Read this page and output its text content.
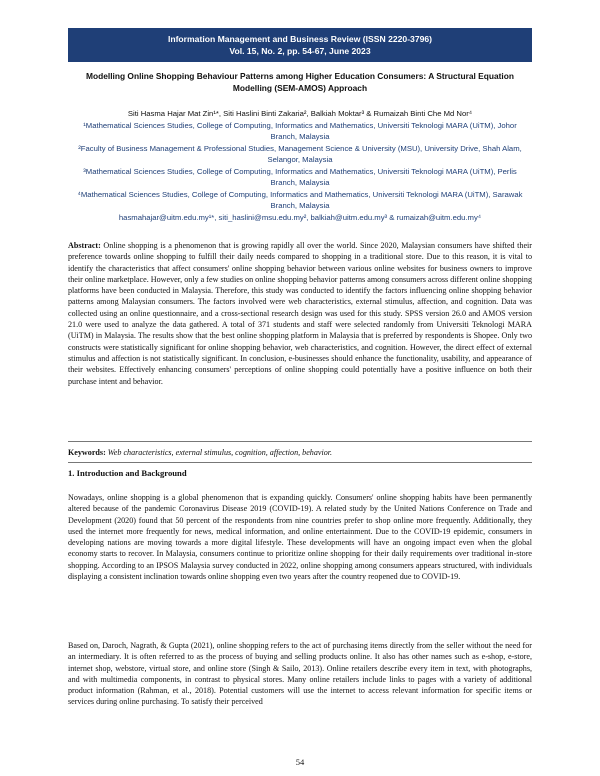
Information Management and Business Review (ISSN 2220-3796)
Vol. 15, No. 2, pp. 54-67, June 2023
Modelling Online Shopping Behaviour Patterns among Higher Education Consumers: A Structural Equation Modelling (SEM-AMOS) Approach

Siti Hasma Hajar Mat Zin¹*, Siti Haslini Binti Zakaria², Balkiah Moktar³ & Rumaizah Binti Che Md Nor⁴

¹Mathematical Sciences Studies, College of Computing, Informatics and Mathematics, Universiti Teknologi MARA (UiTM), Johor Branch, Malaysia

²Faculty of Business Management & Professional Studies, Management Science & University (MSU), University Drive, Shah Alam, Selangor, Malaysia

³Mathematical Sciences Studies, College of Computing, Informatics and Mathematics, Universiti Teknologi MARA (UiTM), Perlis Branch, Malaysia

⁴Mathematical Sciences Studies, College of Computing, Informatics and Mathematics, Universiti Teknologi MARA (UiTM), Sarawak Branch, Malaysia

hasmahajar@uitm.edu.my¹*, siti_haslini@msu.edu.my², balkiah@uitm.edu.my³ & rumaizah@uitm.edu.my⁴

Abstract: Online shopping is a phenomenon that is growing rapidly all over the world. Since 2020, Malaysian consumers have shifted their preference towards online shopping to fulfill their daily needs compared to shopping in a traditional store. Due to this reason, it is vital to identify the characteristics that affect consumers' online shopping behavior between various online websites for business owners to improve their online marketplace. However, only a few studies on online shopping behavior patterns among consumers across different online shopping platforms have been conducted in Malaysia. Therefore, this study was conducted to identify the factors influencing online shopping behavior patterns among Malaysian consumers. The factors involved were web characteristics, external stimulus, affection, and cognition. Data was collected using an online questionnaire, and a cross-sectional research design was used for this study. SPSS version 26.0 and AMOS version 21.0 were used to analyze the data gathered. A total of 371 students and staff were selected randomly from Universiti Teknologi MARA (UiTM) in Malaysia. The results show that the best online shopping platform in Malaysia that is preferred by respondents is Shopee. Only two constructs were statistically significant for online shopping behavior, web characteristics, and cognition. However, the direct effect of external stimulus and affection is not statistically significant. In conclusion, e-businesses should enhance the functionality, usability, and appearance of their websites. Effectively enhancing consumers' perceptions of online shopping could potentially have a positive influence on both their purchase intent and behavior.
Keywords: Web characteristics, external stimulus, cognition, affection, behavior.
1. Introduction and Background
Nowadays, online shopping is a global phenomenon that is expanding quickly. Consumers' online shopping habits have been permanently altered because of the pandemic Coronavirus Disease 2019 (COVID-19). A related study by the United Nations Conference on Trade and Development (2020) found that 50 percent of the respondents from nine countries prefer to shop online more frequently. Additionally, they used the internet more frequently for news, medical information, and online entertainment. Due to the COVID-19 epidemic, consumers in developing nations are moving towards a more digital lifestyle. These developments will have an ongoing impact even when the global economy starts to recover. In Malaysia, consumers continue to prioritize online shopping for their daily requirements over traditional in-store shopping. According to an IPSOS Malaysia survey conducted in 2022, online shopping among consumers appears structured, with individuals displaying a consistent inclination towards online shopping even two years after the country reopened due to COVID-19.
Based on, Daroch, Nagrath, & Gupta (2021), online shopping refers to the act of purchasing items directly from the seller without the need for an intermediary. It is often referred to as the process of buying and selling products online. It also has other names such as e-shop, e-store, internet shop, webstore, virtual store, and online store (Singh & Sailo, 2013). Online retailers describe every item in text, with photographs, and with multimedia components, in contrast to physical stores. Many online retailers include links to pages with a variety of additional product information (Rahman, et al., 2018). Potential customers will use the internet to access relevant information for specific items or services during online purchasing. To satisfy their perceived
54
